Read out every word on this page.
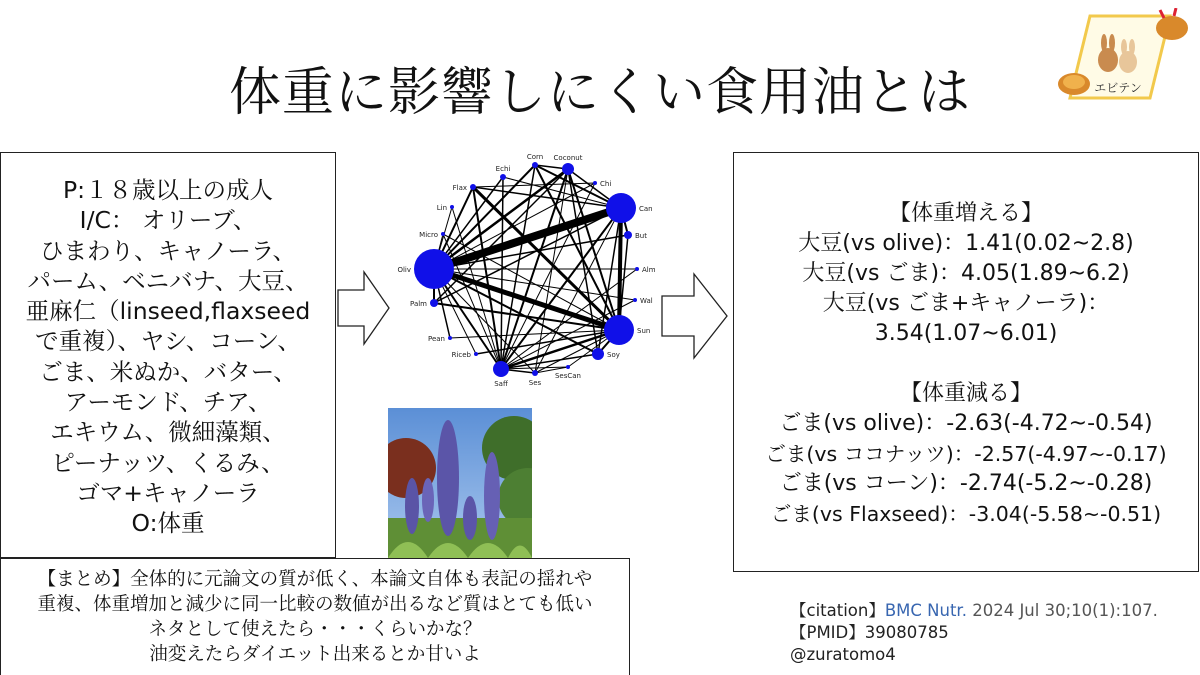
体重に影響しにくい食用油とは	エビテン
P:１８歳以上の成人
I/C： オリーブ、
ひまわり、キャノーラ、
パーム、ベニバナ、大豆、
亜麻仁（linseed,flaxseed
で重複）、ヤシ、コーン、
ごま、米ぬか、バター、
アーモンド、チア、
エキウム、微細藻類、
ピーナッツ、くるみ、
ゴマ+キャノーラ
O:体重
Corn Coconut
Echi
Chi
Flax
Can
Lin
But
Micro
Oliv	Alm
Palm	Wal
Pean
Sun
Riceb	Soy
Saff	Ses
SesCan
【体重増える】
大豆(vs olive)：1.41(0.02~2.8)
大豆(vs ごま)：4.05(1.89~6.2)
大豆(vs ごま+キャノーラ)：
3.54(1.07~6.01)
【体重減る】
ごま(vs olive)：-2.63(-4.72~-0.54)
ごま(vs ココナッツ)：-2.57(-4.97~-0.17)
ごま(vs コーン)：-2.74(-5.2~-0.28)
ごま(vs Flaxseed)：-3.04(-5.58~-0.51)
【まとめ】全体的に元論文の質が低く、本論文自体も表記の揺れや
重複、体重増加と減少に同一比較の数値が出るなど質はとても低い
ネタとして使えたら・・・くらいかな？
油変えたらダイエット出来るとか甘いよ
【citation】BMC Nutr. 2024 Jul 30;10(1):107.
【PMID】39080785
@zuratomo4
